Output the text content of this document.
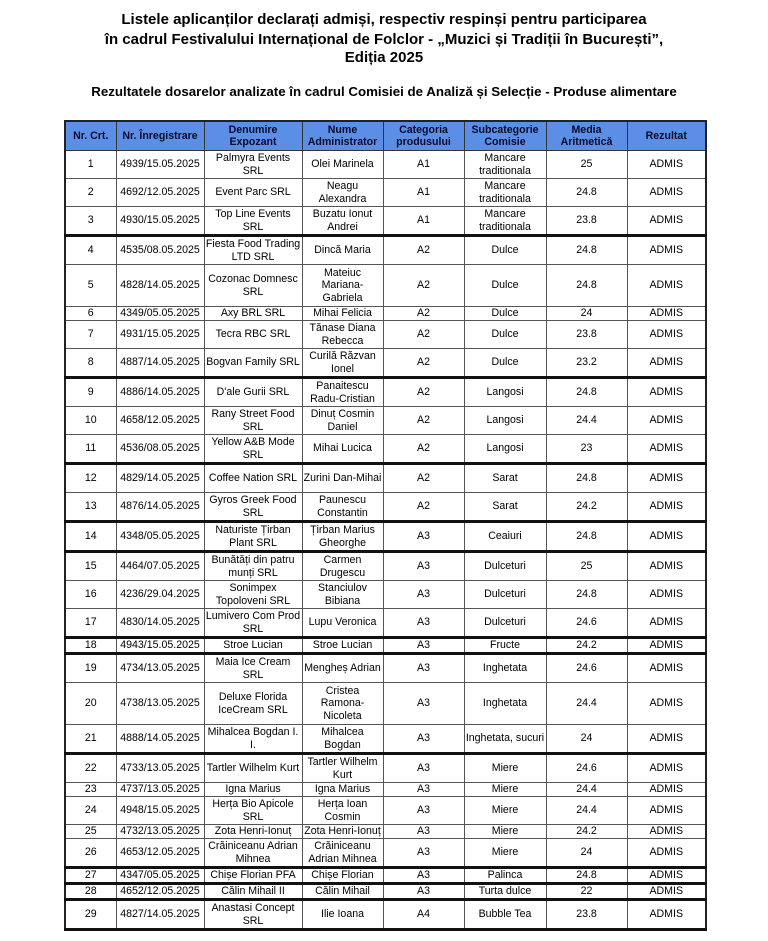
Listele aplicanților declarați admiși, respectiv respinși pentru participarea
în cadrul Festivalului Internațional de Folclor - „Muzici și Tradiții în București”,
Ediția 2025
Rezultatele dosarelor analizate în cadrul Comisiei de Analiză și Selecție - Produse alimentare
Nr. Crt.	Nr. Înregistrare	Denumire Expozant	Nume Administrator	Categoria produsului	Subcategorie Comisie	Media Aritmetică	Rezultat
1	4939/15.05.2025	Palmyra Events SRL	Olei Marinela	A1	Mancare traditionala	25	ADMIS
2	4692/12.05.2025	Event Parc SRL	Neagu Alexandra	A1	Mancare traditionala	24.8	ADMIS
3	4930/15.05.2025	Top Line Events SRL	Buzatu Ionut Andrei	A1	Mancare traditionala	23.8	ADMIS
4	4535/08.05.2025	Fiesta Food Trading LTD SRL	Dincă Maria	A2	Dulce	24.8	ADMIS
5	4828/14.05.2025	Cozonac Domnesc SRL	Mateiuc Mariana-Gabriela	A2	Dulce	24.8	ADMIS
6	4349/05.05.2025	Axy BRL SRL	Mihai Felicia	A2	Dulce	24	ADMIS
7	4931/15.05.2025	Tecra RBC SRL	Tănase Diana Rebecca	A2	Dulce	23.8	ADMIS
8	4887/14.05.2025	Bogvan Family SRL	Curilă Răzvan Ionel	A2	Dulce	23.2	ADMIS
9	4886/14.05.2025	D'ale Gurii SRL	Panaitescu Radu-Cristian	A2	Langosi	24.8	ADMIS
10	4658/12.05.2025	Rany Street Food SRL	Dinuț Cosmin Daniel	A2	Langosi	24.4	ADMIS
11	4536/08.05.2025	Yellow A&B Mode SRL	Mihai Lucica	A2	Langosi	23	ADMIS
12	4829/14.05.2025	Coffee Nation SRL	Zurini Dan-Mihai	A2	Sarat	24.8	ADMIS
13	4876/14.05.2025	Gyros Greek Food SRL	Paunescu Constantin	A2	Sarat	24.2	ADMIS
14	4348/05.05.2025	Naturiste Țirban Plant SRL	Țirban Marius Gheorghe	A3	Ceaiuri	24.8	ADMIS
15	4464/07.05.2025	Bunătăți din patru munți SRL	Carmen Drugescu	A3	Dulceturi	25	ADMIS
16	4236/29.04.2025	Sonimpex Topoloveni SRL	Stanciulov Bibiana	A3	Dulceturi	24.8	ADMIS
17	4830/14.05.2025	Lumivero Com Prod SRL	Lupu Veronica	A3	Dulceturi	24.6	ADMIS
18	4943/15.05.2025	Stroe Lucian	Stroe Lucian	A3	Fructe	24.2	ADMIS
19	4734/13.05.2025	Maia Ice Cream SRL	Mengheș Adrian	A3	Inghetata	24.6	ADMIS
20	4738/13.05.2025	Deluxe Florida IceCream SRL	Cristea Ramona-Nicoleta	A3	Inghetata	24.4	ADMIS
21	4888/14.05.2025	Mihalcea Bogdan I. I.	Mihalcea Bogdan	A3	Inghetata, sucuri	24	ADMIS
22	4733/13.05.2025	Tartler Wilhelm Kurt	Tartler Wilhelm Kurt	A3	Miere	24.6	ADMIS
23	4737/13.05.2025	Igna Marius	Igna Marius	A3	Miere	24.4	ADMIS
24	4948/15.05.2025	Herța Bio Apicole SRL	Herța Ioan Cosmin	A3	Miere	24.4	ADMIS
25	4732/13.05.2025	Zota Henri-Ionuț	Zota Henri-Ionuț	A3	Miere	24.2	ADMIS
26	4653/12.05.2025	Crăiniceanu Adrian Mihnea	Crăiniceanu Adrian Mihnea	A3	Miere	24	ADMIS
27	4347/05.05.2025	Chișe Florian PFA	Chișe Florian	A3	Palinca	24.8	ADMIS
28	4652/12.05.2025	Călin Mihail II	Călin Mihail	A3	Turta dulce	22	ADMIS
29	4827/14.05.2025	Anastasi Concept SRL	Ilie Ioana	A4	Bubble Tea	23.8	ADMIS
